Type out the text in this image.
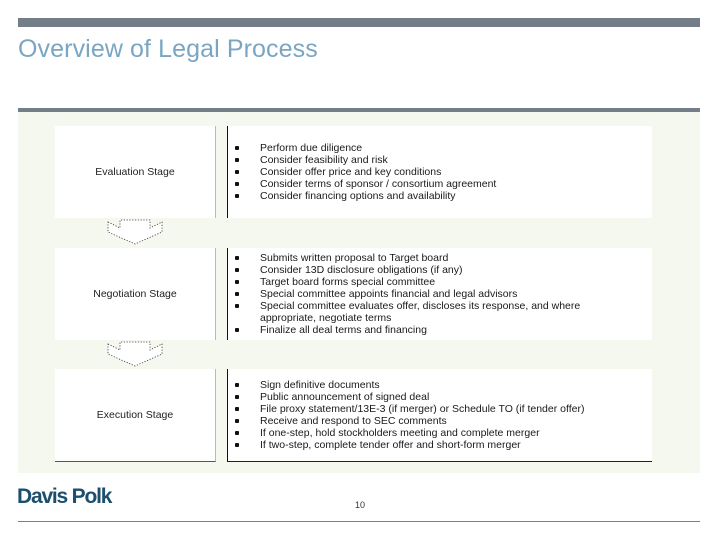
Overview of Legal Process
Evaluation Stage
Perform due diligence
Consider feasibility and risk
Consider offer price and key conditions
Consider terms of sponsor / consortium agreement
Consider financing options and availability
Negotiation Stage
Submits written proposal to Target board
Consider 13D disclosure obligations (if any)
Target board forms special committee
Special committee appoints financial and legal advisors
Special committee evaluates offer, discloses its response, and where appropriate, negotiate terms
Finalize all deal terms and financing
Execution Stage
Sign definitive documents
Public announcement of signed deal
File proxy statement/13E-3 (if merger) or Schedule TO (if tender offer)
Receive and respond to SEC comments
If one-step, hold stockholders meeting and complete merger
If two-step, complete tender offer and short-form merger
Davis Polk	10
